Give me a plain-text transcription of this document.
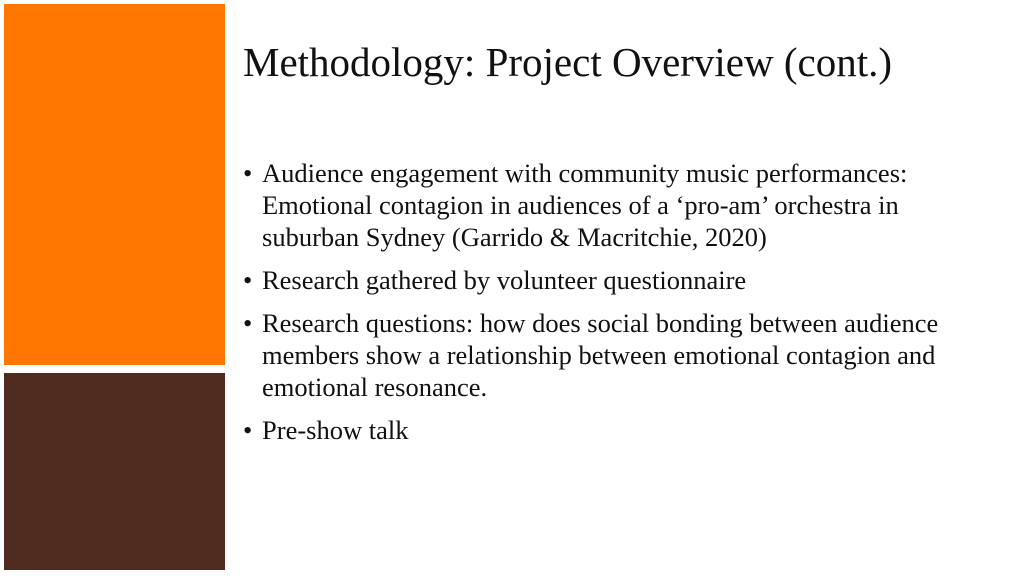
Methodology: Project Overview (cont.)
• Audience engagement with community music performances: Emotional contagion in audiences of a ‘pro-am’ orchestra in suburban Sydney (Garrido & Macritchie, 2020)
• Research gathered by volunteer questionnaire
• Research questions: how does social bonding between audience members show a relationship between emotional contagion and emotional resonance.
• Pre-show talk
